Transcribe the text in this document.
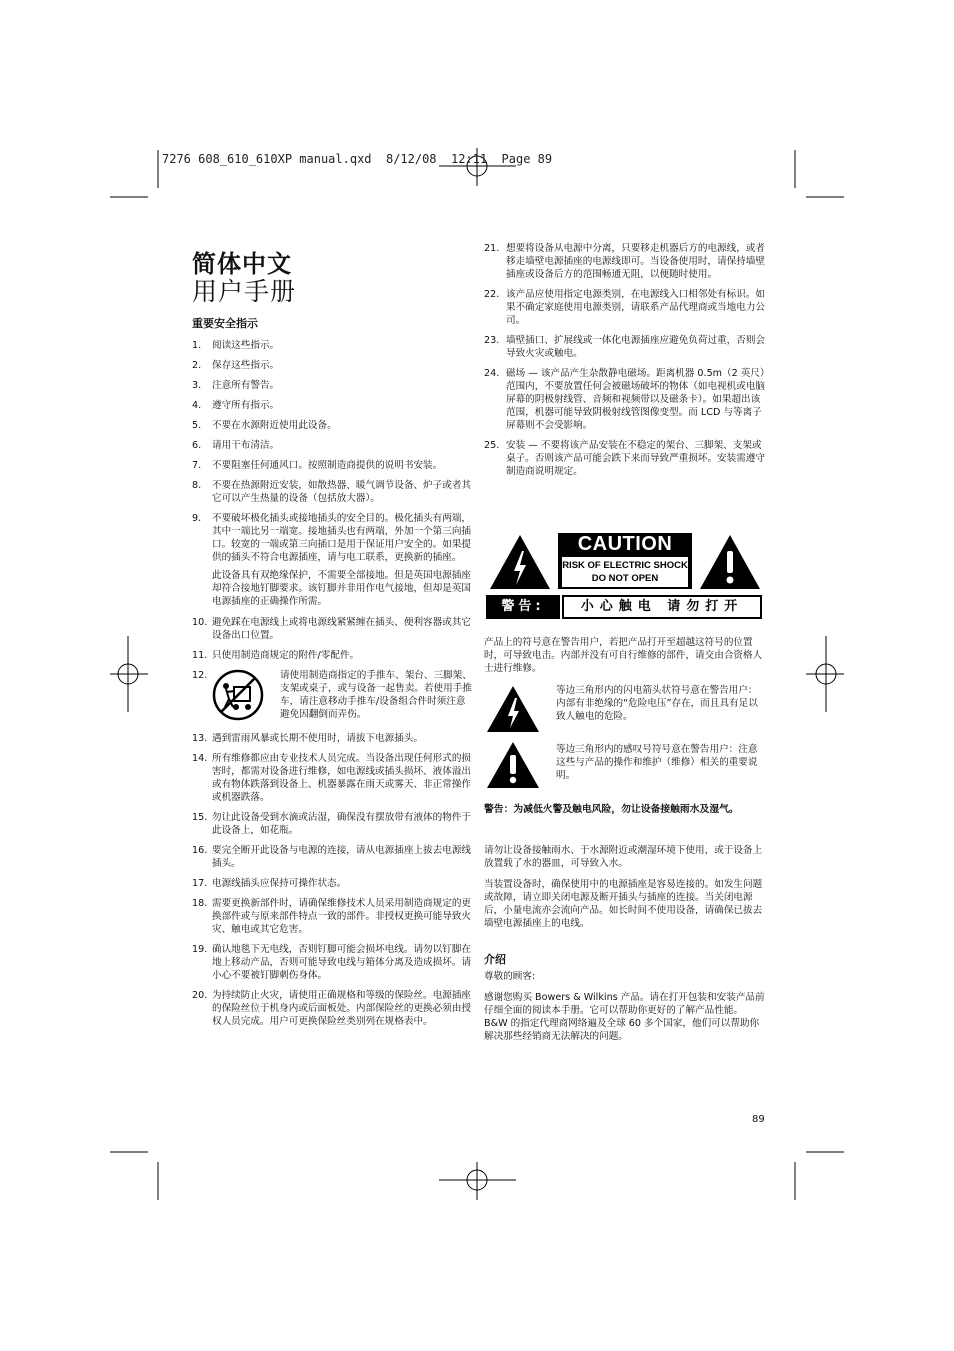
7276 608_610_610XP manual.qxd  8/12/08  12:11  Page 89
简体中文
用户手册
重要安全指示
1. 阅读这些指示。
2. 保存这些指示。
3. 注意所有警告。
4. 遵守所有指示。
5. 不要在水源附近使用此设备。
6. 请用干布清洁。
7. 不要阻塞任何通风口。按照制造商提供的说明书安装。
8. 不要在热源附近安装，如散热器、暖气调节设备、炉子或者其它可以产生热量的设备（包括放大器）。
9. 不要破坏极化插头或接地插头的安全目的。极化插头有两端，其中一端比另一端宽。接地插头也有两端，外加一个第三向插口。较宽的一端或第三向插口是用于保证用户安全的。如果提供的插头不符合电源插座，请与电工联系，更换新的插座。
此设备具有双绝缘保护，不需要全部接地。但是英国电源插座却符合接地钉脚要求。该钉脚并非用作电气接地，但却是英国电源插座的正确操作所需。
10. 避免踩在电源线上或将电源线紧紧缠在插头、便利容器或其它设备出口位置。
11. 只使用制造商规定的附件/零配件。
12.	请使用制造商指定的手推车、架台、三脚架、支架或桌子，或与设备一起售卖。若使用手推车，请注意移动手推车/设备组合件时须注意避免因翻倒而弄伤。
13. 遇到雷雨风暴或长期不使用时，请拔下电源插头。
14. 所有维修都应由专业技术人员完成。当设备出现任何形式的损害时，都需对设备进行维修，如电源线或插头损坏、液体溢出或有物体跌落到设备上、机器暴露在雨天或雾天、非正常操作或机器跌落。
15. 勿让此设备受到水滴或沾湿，确保没有摆放带有液体的物件于此设备上，如花瓶。
16. 要完全断开此设备与电源的连接，请从电源插座上拔去电源线插头。
17. 电源线插头应保持可操作状态。
18. 需要更换新部件时，请确保维修技术人员采用制造商规定的更换部件或与原来部件特点一致的部件。非授权更换可能导致火灾、触电或其它危害。
19. 确认地毯下无电线，否则钉脚可能会损坏电线。请勿以钉脚在地上移动产品，否则可能导致电线与箱体分离及造成损坏。请小心不要被钉脚刺伤身体。
20. 为持续防止火灾，请使用正确规格和等级的保险丝。电源插座的保险丝位于机身内或后面板处。内部保险丝的更换必须由授权人员完成。用户可更换保险丝类别列在规格表中。
21. 想要将设备从电源中分离，只要移走机器后方的电源线，或者移走墙壁电源插座的电源线即可。当设备使用时，请保持墙壁插座或设备后方的范围畅通无阻，以便随时使用。
22. 该产品应使用指定电源类别，在电源线入口相邻处有标识。如果不确定家庭使用电源类别，请联系产品代理商或当地电力公司。
23. 墙壁插口、扩展线或一体化电源插座应避免负荷过重，否则会导致火灾或触电。
24. 磁场 — 该产品产生杂散静电磁场。距离机器 0.5m（2 英尺）范围内，不要放置任何会被磁场破坏的物体（如电视机或电脑屏幕的阴极射线管、音频和视频带以及磁条卡）。如果超出该范围，机器可能导致阴极射线管图像变型。而 LCD 与等离子屏幕则不会受影响。
25. 安装 — 不要将该产品安装在不稳定的架台、三脚架、支架或桌子。否则该产品可能会跌下来而导致严重损坏。安装需遵守制造商说明规定。
CAUTION
RISK OF ELECTRIC SHOCK
DO NOT OPEN
警告:	小心触电 请勿打开
产品上的符号意在警告用户，若把产品打开至超越这符号的位置时，可导致电击。内部并没有可自行维修的部件，请交由合资格人士进行维修。
等边三角形内的闪电箭头状符号意在警告用户：内部有非绝缘的“危险电压”存在，而且具有足以致人触电的危险。
等边三角形内的感叹号符号意在警告用户：注意这些与产品的操作和维护（维修）相关的重要说明。
警告：为减低火警及触电风险，勿让设备接触雨水及湿气。
请勿让设备接触雨水、于水源附近或潮湿环境下使用，或于设备上放置载了水的器皿，可导致入水。
当装置设备时，确保使用中的电源插座是容易连接的。如发生问题或故障，请立即关闭电源及断开插头与插座的连接。当关闭电源后，小量电流亦会流向产品。如长时间不使用设备，请确保已拔去墙壁电源插座上的电线。
介绍
尊敬的顾客:
感谢您购买 Bowers & Wilkins 产品。请在打开包装和安装产品前仔细全面的阅读本手册。它可以帮助你更好的了解产品性能。B&W 的指定代理商网络遍及全球 60 多个国家，他们可以帮助你解决那些经销商无法解决的问题。
89
